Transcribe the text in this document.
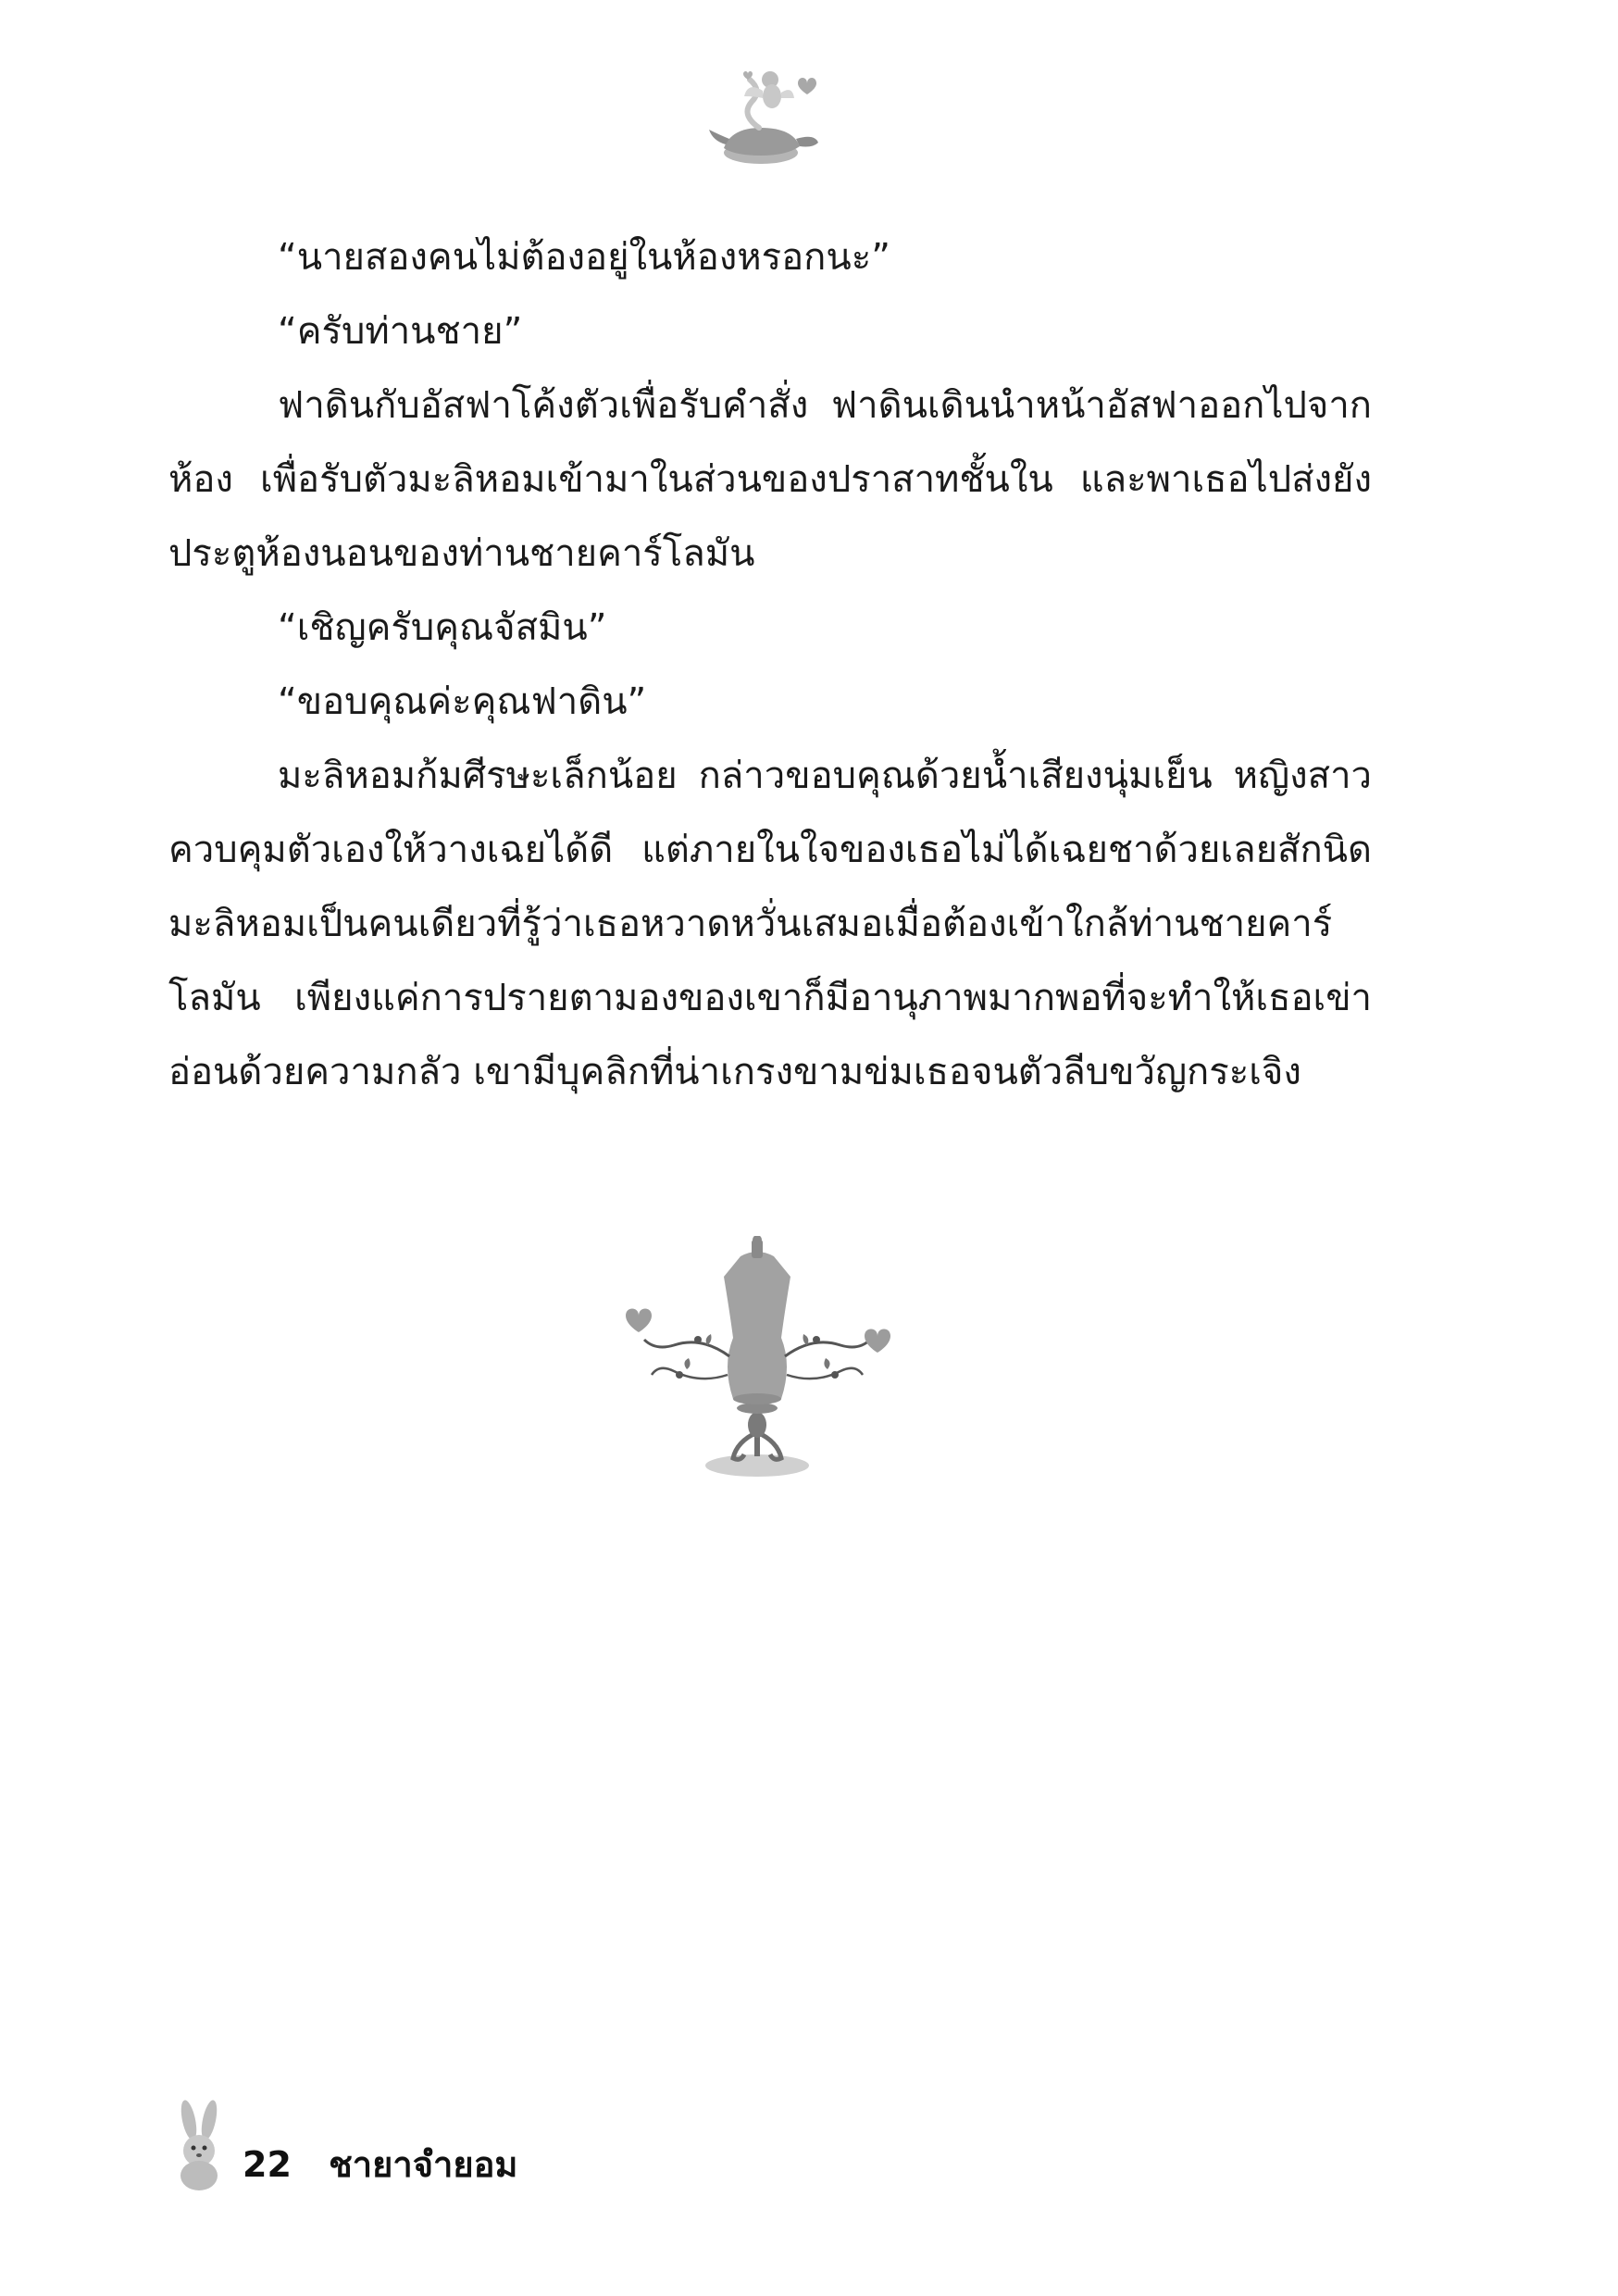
“นายสองคนไม่ต้องอยู่ในห้องหรอกนะ”

“ครับท่านชาย”

ฟาดินกับอัสฟาโค้งตัวเพื่อรับคำสั่ง ฟาดินเดินนำหน้าอัสฟาออกไปจากห้อง เพื่อรับตัวมะลิหอมเข้ามาในส่วนของปราสาทชั้นใน และพาเธอไปส่งยังประตูห้องนอนของท่านชายคาร์โลมัน

“เชิญครับคุณจัสมิน”

“ขอบคุณค่ะคุณฟาดิน”

มะลิหอมก้มศีรษะเล็กน้อย กล่าวขอบคุณด้วยน้ำเสียงนุ่มเย็น หญิงสาวควบคุมตัวเองให้วางเฉยได้ดี แต่ภายในใจของเธอไม่ได้เฉยชาด้วยเลยสักนิด มะลิหอมเป็นคนเดียวที่รู้ว่าเธอหวาดหวั่นเสมอเมื่อต้องเข้าใกล้ท่านชายคาร์โลมัน เพียงแค่การปรายตามองของเขาก็มีอานุภาพมากพอที่จะทำให้เธอเข่าอ่อนด้วยความกลัว เขามีบุคลิกที่น่าเกรงขามข่มเธอจนตัวลีบขวัญกระเจิง

22 ชายาจำยอม
